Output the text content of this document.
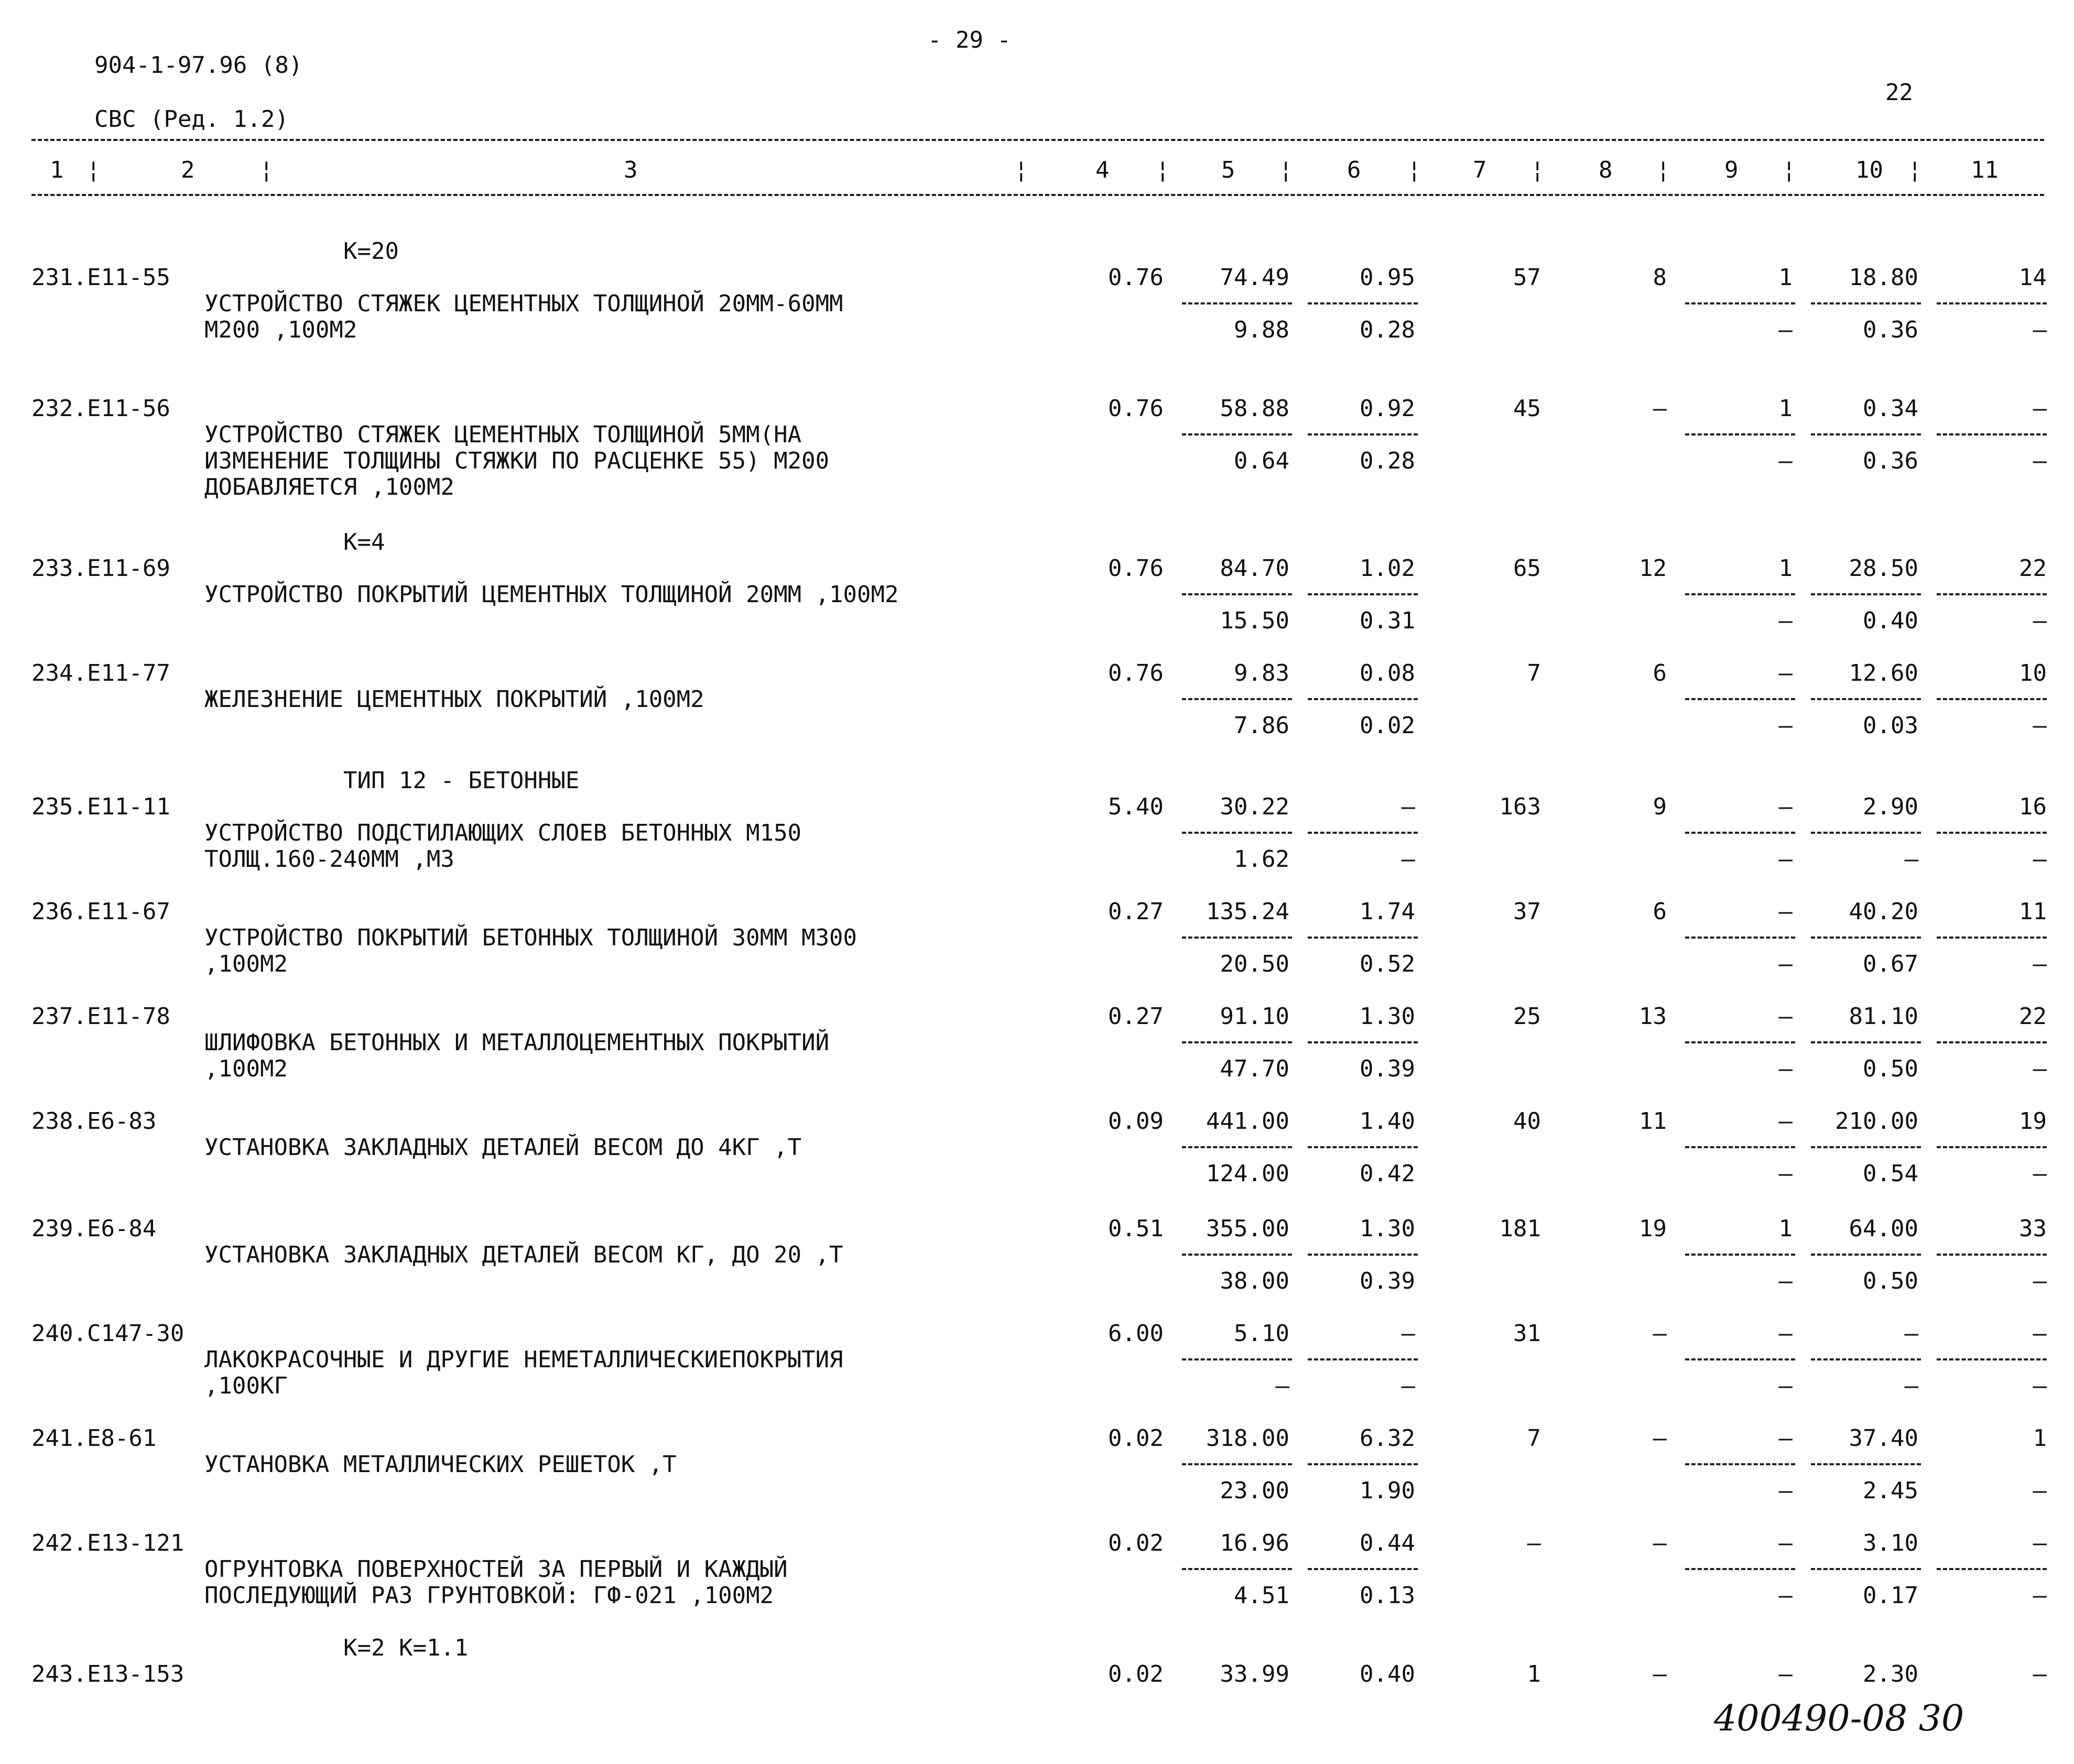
904-1-97.96 (8)
- 29 -
СВС (Ред. 1.2)
22
1	2	3	4	5	6	7	8	9	10	11
¦	¦	¦	¦	¦	¦	¦	¦	¦	¦
К=20
231.Е11-55
УСТРОЙСТВО СТЯЖЕК ЦЕМЕНТНЫХ ТОЛЩИНОЙ 20ММ-60ММ
М200 ,100М2
0.76	74.49	0.95	57	8	1	18.80	14
9.88	0.28	–	0.36	–
232.Е11-56
УСТРОЙСТВО СТЯЖЕК ЦЕМЕНТНЫХ ТОЛЩИНОЙ 5ММ(НА
ИЗМЕНЕНИЕ ТОЛЩИНЫ СТЯЖКИ ПО РАСЦЕНКЕ 55) М200
ДОБАВЛЯЕТСЯ ,100М2
0.76	58.88	0.92	45	–	1	0.34	–
0.64	0.28	–	0.36	–
К=4
233.Е11-69
УСТРОЙСТВО ПОКРЫТИЙ ЦЕМЕНТНЫХ ТОЛЩИНОЙ 20ММ ,100М2
0.76	84.70	1.02	65	12	1	28.50	22
15.50	0.31	–	0.40	–
234.Е11-77
ЖЕЛЕЗНЕНИЕ ЦЕМЕНТНЫХ ПОКРЫТИЙ ,100М2
0.76	9.83	0.08	7	6	–	12.60	10
7.86	0.02	–	0.03	–
ТИП 12 - БЕТОННЫЕ
235.Е11-11
УСТРОЙСТВО ПОДСТИЛАЮЩИХ СЛОЕВ БЕТОННЫХ М150
ТОЛЩ.160-240ММ ,М3
5.40	30.22	–	163	9	–	2.90	16
1.62	–	–	–	–
236.Е11-67
УСТРОЙСТВО ПОКРЫТИЙ БЕТОННЫХ ТОЛЩИНОЙ 30ММ М300
,100М2
0.27	135.24	1.74	37	6	–	40.20	11
20.50	0.52	–	0.67	–
237.Е11-78
ШЛИФОВКА БЕТОННЫХ И МЕТАЛЛОЦЕМЕНТНЫХ ПОКРЫТИЙ
,100М2
0.27	91.10	1.30	25	13	–	81.10	22
47.70	0.39	–	0.50	–
238.Е6-83
УСТАНОВКА ЗАКЛАДНЫХ ДЕТАЛЕЙ ВЕСОМ ДО 4КГ ,Т
0.09	441.00	1.40	40	11	–	210.00	19
124.00	0.42	–	0.54	–
239.Е6-84
УСТАНОВКА ЗАКЛАДНЫХ ДЕТАЛЕЙ ВЕСОМ КГ, ДО 20 ,Т
0.51	355.00	1.30	181	19	1	64.00	33
38.00	0.39	–	0.50	–
240.С147-30
ЛАКОКРАСОЧНЫЕ И ДРУГИЕ НЕМЕТАЛЛИЧЕСКИЕПОКРЫТИЯ
,100КГ
6.00	5.10	–	31	–	–	–	–
–	–	–	–	–
241.Е8-61
УСТАНОВКА МЕТАЛЛИЧЕСКИХ РЕШЕТОК ,Т
0.02	318.00	6.32	7	–	–	37.40	1
23.00	1.90	–	2.45	–
242.Е13-121
ОГРУНТОВКА ПОВЕРХНОСТЕЙ ЗА ПЕРВЫЙ И КАЖДЫЙ
ПОСЛЕДУЮЩИЙ РАЗ ГРУНТОВКОЙ: ГФ-021 ,100М2
0.02	16.96	0.44	–	–	–	3.10	–
4.51	0.13	–	0.17	–
К=2 К=1.1
243.Е13-153	0.02	33.99	0.40	1	–	–	2.30	–
400490-08 30
